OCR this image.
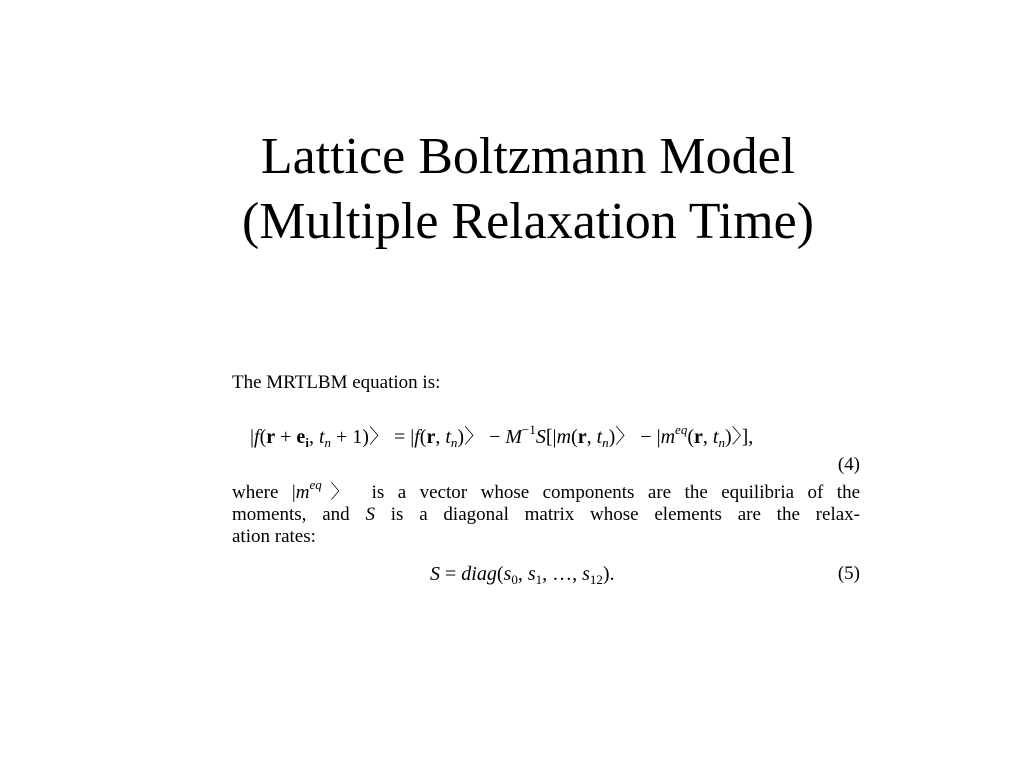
Lattice Boltzmann Model
(Multiple Relaxation Time)
The MRTLBM equation is:
$|f(r + e_i$, $t_n + 1$)〉 = |f(r, $t_n$)〉 − $M^{-1}S[|m(r$, $t_n$)〉 − $|m^{eq}(r$, $t_n$)〉],
(4)
where $|m^{eq}$〉 is a vector whose components are the equilibria of the
moments, and S is a diagonal matrix whose elements are the relax-
ation rates:
$S = diag(s_0$, $s_1$, …, $s_{12}$).	(5)
